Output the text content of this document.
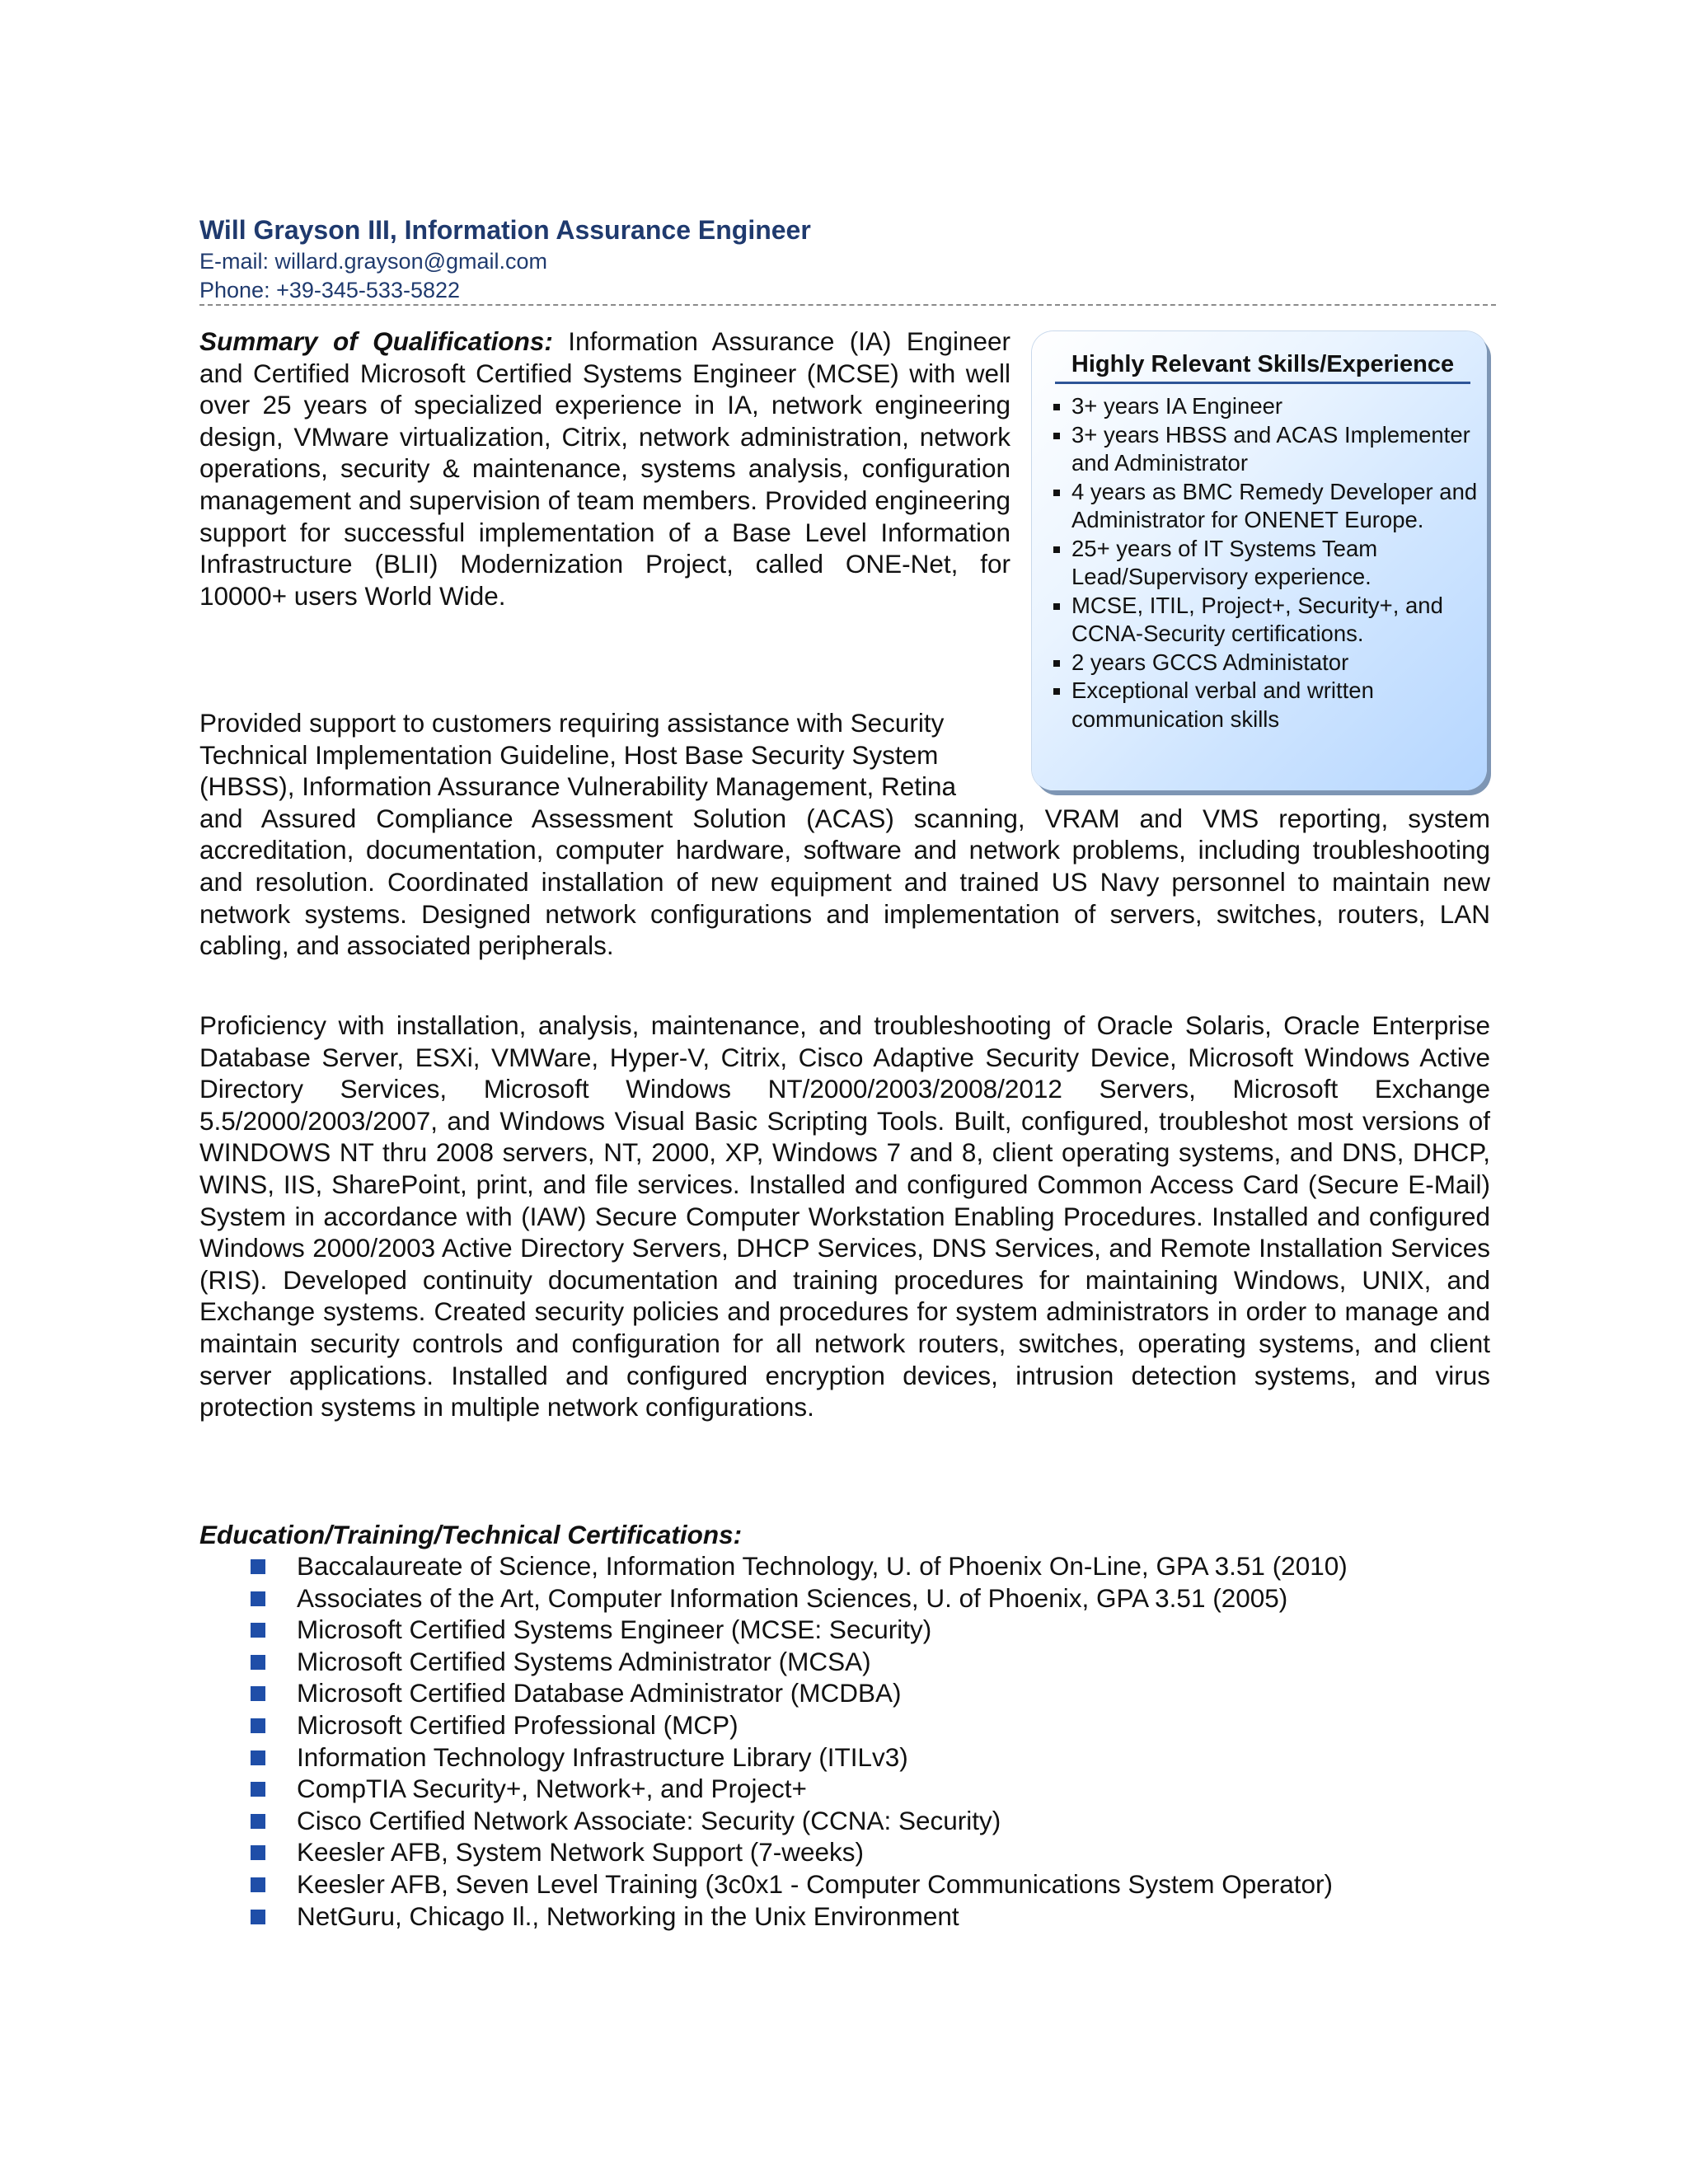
Will Grayson III, Information Assurance Engineer
E-mail: willard.grayson@gmail.com
Phone: +39-345-533-5822
Summary of Qualifications: Information Assurance (IA) Engineer and Certified Microsoft Certified Systems Engineer (MCSE) with well over 25 years of specialized experience in IA, network engineering design, VMware virtualization, Citrix, network administration, network operations, security & maintenance, systems analysis, configuration management and supervision of team members. Provided engineering support for successful implementation of a Base Level Information Infrastructure (BLII) Modernization Project, called ONE-Net, for 10000+ users World Wide.
Highly Relevant Skills/Experience
3+ years IA Engineer
3+ years HBSS and ACAS Implementer and Administrator
4 years as BMC Remedy Developer and Administrator for ONENET Europe.
25+ years of IT Systems Team Lead/Supervisory experience.
MCSE, ITIL, Project+, Security+, and CCNA-Security certifications.
2 years GCCS Administator
Exceptional verbal and written communication skills
Provided support to customers requiring assistance with Security
Technical Implementation Guideline, Host Base Security System
(HBSS), Information Assurance Vulnerability Management, Retina
and Assured Compliance Assessment Solution (ACAS) scanning, VRAM and VMS reporting, system accreditation, documentation, computer hardware, software and network problems, including troubleshooting and resolution. Coordinated installation of new equipment and trained US Navy personnel to maintain new network systems. Designed network configurations and implementation of servers, switches, routers, LAN cabling, and associated peripherals.
Proficiency with installation, analysis, maintenance, and troubleshooting of Oracle Solaris, Oracle Enterprise Database Server, ESXi, VMWare, Hyper-V, Citrix, Cisco Adaptive Security Device, Microsoft Windows Active Directory Services, Microsoft Windows NT/2000/2003/2008/2012 Servers, Microsoft Exchange 5.5/2000/2003/2007, and Windows Visual Basic Scripting Tools. Built, configured, troubleshot most versions of WINDOWS NT thru 2008 servers, NT, 2000, XP, Windows 7 and 8, client operating systems, and DNS, DHCP, WINS, IIS, SharePoint, print, and file services. Installed and configured Common Access Card (Secure E-Mail) System in accordance with (IAW) Secure Computer Workstation Enabling Procedures. Installed and configured Windows 2000/2003 Active Directory Servers, DHCP Services, DNS Services, and Remote Installation Services (RIS). Developed continuity documentation and training procedures for maintaining Windows, UNIX, and Exchange systems. Created security policies and procedures for system administrators in order to manage and maintain security controls and configuration for all network routers, switches, operating systems, and client server applications. Installed and configured encryption devices, intrusion detection systems, and virus protection systems in multiple network configurations.
Education/Training/Technical Certifications:
Baccalaureate of Science, Information Technology, U. of Phoenix On-Line, GPA 3.51 (2010)
Associates of the Art, Computer Information Sciences, U. of Phoenix, GPA 3.51 (2005)
Microsoft Certified Systems Engineer (MCSE: Security)
Microsoft Certified Systems Administrator (MCSA)
Microsoft Certified Database Administrator (MCDBA)
Microsoft Certified Professional (MCP)
Information Technology Infrastructure Library (ITILv3)
CompTIA Security+, Network+, and Project+
Cisco Certified Network Associate: Security (CCNA: Security)
Keesler AFB, System Network Support (7-weeks)
Keesler AFB, Seven Level Training (3c0x1 - Computer Communications System Operator)
NetGuru, Chicago Il., Networking in the Unix Environment
